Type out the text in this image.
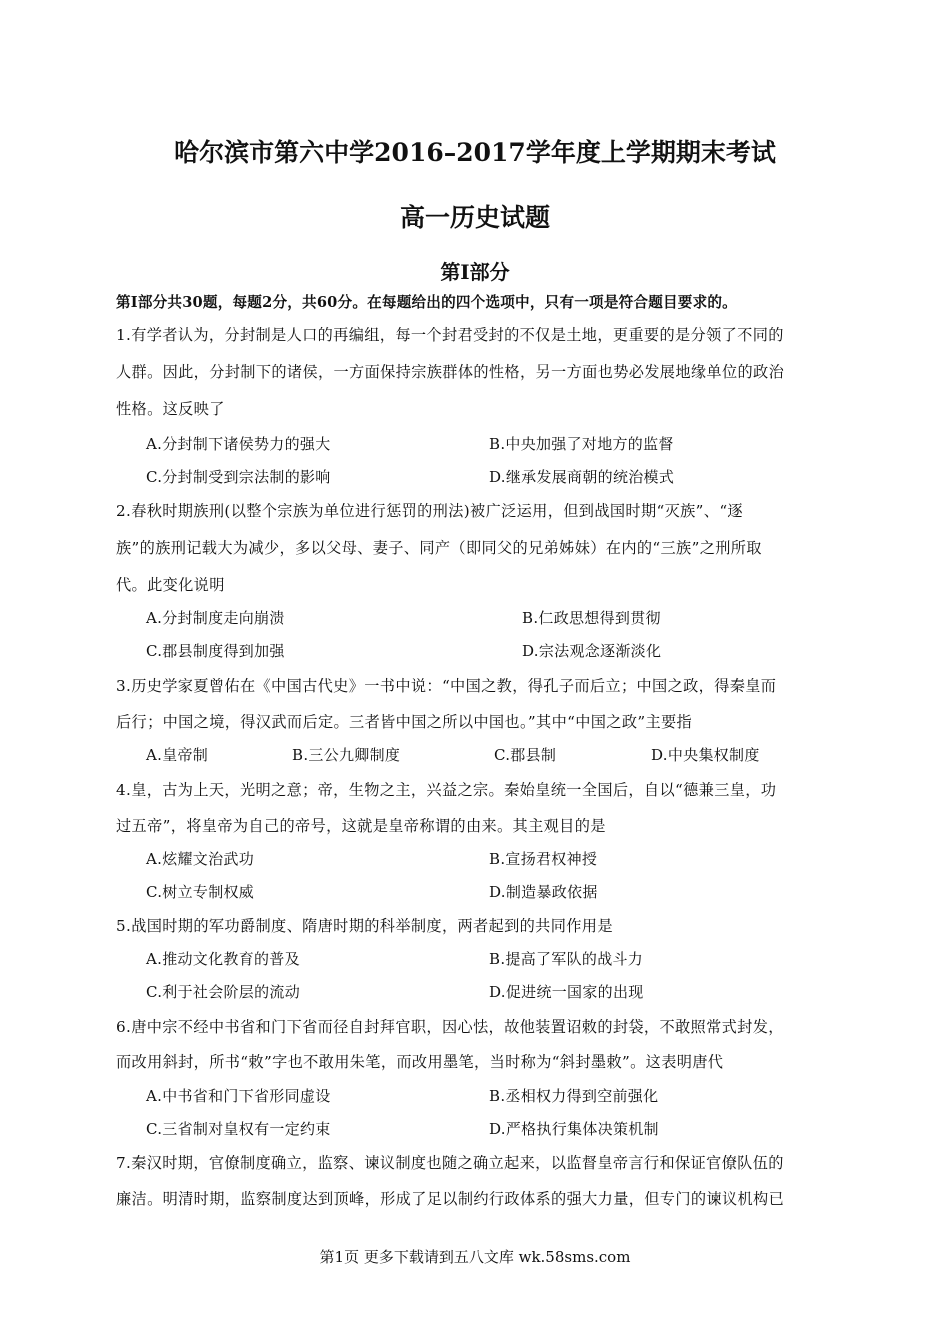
哈尔滨市第六中学2016–2017学年度上学期期末考试
高一历史试题
第Ⅰ部分
第Ⅰ部分共30题，每题2分，共60分。在每题给出的四个选项中，只有一项是符合题目要求的。
1.有学者认为，分封制是人口的再编组，每一个封君受封的不仅是土地，更重要的是分领了不同的
人群。因此，分封制下的诸侯，一方面保持宗族群体的性格，另一方面也势必发展地缘单位的政治
性格。这反映了
A.分封制下诸侯势力的强大	B.中央加强了对地方的监督
C.分封制受到宗法制的影响	D.继承发展商朝的统治模式
2.春秋时期族刑(以整个宗族为单位进行惩罚的刑法)被广泛运用，但到战国时期“灭族”、“逐
族”的族刑记载大为减少，多以父母、妻子、同产（即同父的兄弟姊妹）在内的“三族”之刑所取
代。此变化说明
A.分封制度走向崩溃	B.仁政思想得到贯彻
C.郡县制度得到加强	D.宗法观念逐渐淡化
3.历史学家夏曾佑在《中国古代史》一书中说：“中国之教，得孔子而后立；中国之政，得秦皇而
后行；中国之境，得汉武而后定。三者皆中国之所以中国也。”其中“中国之政”主要指
A.皇帝制	B.三公九卿制度	C.郡县制	D.中央集权制度
4.皇，古为上天，光明之意；帝，生物之主，兴益之宗。秦始皇统一全国后，自以“德兼三皇，功
过五帝”，将皇帝为自己的帝号，这就是皇帝称谓的由来。其主观目的是
A.炫耀文治武功	B.宣扬君权神授
C.树立专制权威	D.制造暴政依据
5.战国时期的军功爵制度、隋唐时期的科举制度，两者起到的共同作用是
A.推动文化教育的普及	B.提高了军队的战斗力
C.利于社会阶层的流动	D.促进统一国家的出现
6.唐中宗不经中书省和门下省而径自封拜官职，因心怯，故他装置诏敕的封袋，不敢照常式封发，
而改用斜封，所书“敕”字也不敢用朱笔，而改用墨笔，当时称为“斜封墨敕”。这表明唐代
A.中书省和门下省形同虚设	B.丞相权力得到空前强化
C.三省制对皇权有一定约束	D.严格执行集体决策机制
7.秦汉时期，官僚制度确立，监察、谏议制度也随之确立起来，以监督皇帝言行和保证官僚队伍的
廉洁。明清时期，监察制度达到顶峰，形成了足以制约行政体系的强大力量，但专门的谏议机构已
第1页 更多下载请到五八文库 wk.58sms.com
